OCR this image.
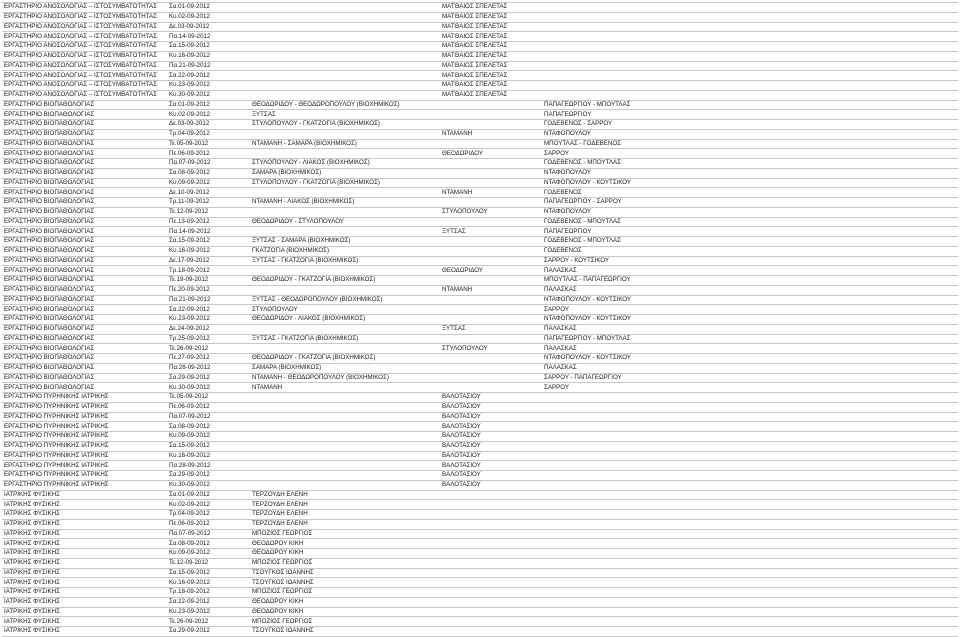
ΕΡΓΑΣΤΗΡΙΟ ΑΝΟΣΟΛΟΓΙΑΣ – ΙΣΤΟΣΥΜΒΑΤΟΤΗΤΑΣ	Σα.01-09-2012		ΜΑΤΘΑΙΟΣ ΣΠΕΛΕΤΑΣ		
ΕΡΓΑΣΤΗΡΙΟ ΑΝΟΣΟΛΟΓΙΑΣ – ΙΣΤΟΣΥΜΒΑΤΟΤΗΤΑΣ	Κυ.02-09-2012		ΜΑΤΘΑΙΟΣ ΣΠΕΛΕΤΑΣ		
ΕΡΓΑΣΤΗΡΙΟ ΑΝΟΣΟΛΟΓΙΑΣ – ΙΣΤΟΣΥΜΒΑΤΟΤΗΤΑΣ	Δε.03-09-2012		ΜΑΤΘΑΙΟΣ ΣΠΕΛΕΤΑΣ		
ΕΡΓΑΣΤΗΡΙΟ ΑΝΟΣΟΛΟΓΙΑΣ – ΙΣΤΟΣΥΜΒΑΤΟΤΗΤΑΣ	Πα.14-09-2012		ΜΑΤΘΑΙΟΣ ΣΠΕΛΕΤΑΣ		
ΕΡΓΑΣΤΗΡΙΟ ΑΝΟΣΟΛΟΓΙΑΣ – ΙΣΤΟΣΥΜΒΑΤΟΤΗΤΑΣ	Σα.15-09-2012		ΜΑΤΘΑΙΟΣ ΣΠΕΛΕΤΑΣ		
ΕΡΓΑΣΤΗΡΙΟ ΑΝΟΣΟΛΟΓΙΑΣ – ΙΣΤΟΣΥΜΒΑΤΟΤΗΤΑΣ	Κυ.16-09-2012		ΜΑΤΘΑΙΟΣ ΣΠΕΛΕΤΑΣ		
ΕΡΓΑΣΤΗΡΙΟ ΑΝΟΣΟΛΟΓΙΑΣ – ΙΣΤΟΣΥΜΒΑΤΟΤΗΤΑΣ	Πα.21-09-2012		ΜΑΤΘΑΙΟΣ ΣΠΕΛΕΤΑΣ		
ΕΡΓΑΣΤΗΡΙΟ ΑΝΟΣΟΛΟΓΙΑΣ – ΙΣΤΟΣΥΜΒΑΤΟΤΗΤΑΣ	Σα.22-09-2012		ΜΑΤΘΑΙΟΣ ΣΠΕΛΕΤΑΣ		
ΕΡΓΑΣΤΗΡΙΟ ΑΝΟΣΟΛΟΓΙΑΣ – ΙΣΤΟΣΥΜΒΑΤΟΤΗΤΑΣ	Κυ.23-09-2012		ΜΑΤΘΑΙΟΣ ΣΠΕΛΕΤΑΣ		
ΕΡΓΑΣΤΗΡΙΟ ΑΝΟΣΟΛΟΓΙΑΣ – ΙΣΤΟΣΥΜΒΑΤΟΤΗΤΑΣ	Κυ.30-09-2012		ΜΑΤΘΑΙΟΣ ΣΠΕΛΕΤΑΣ		
ΕΡΓΑΣΤΗΡΙΟ ΒΙΟΠΑΘΟΛΟΓΙΑΣ	Σα.01-09-2012	ΘΕΟΔΩΡΙΔΟΥ - ΘΕΟΔΩΡΟΠΟΥΛΟΥ (ΒΙΟΧΗΜΙΚΟΣ)		ΠΑΠΑΓΕΩΡΓΙΟΥ - ΜΠΟΥΤΛΑΣ	
ΕΡΓΑΣΤΗΡΙΟ ΒΙΟΠΑΘΟΛΟΓΙΑΣ	Κυ.02-09-2012	ΞΥΤΣΑΣ		ΠΑΠΑΓΕΩΡΓΙΟΥ	
ΕΡΓΑΣΤΗΡΙΟ ΒΙΟΠΑΘΟΛΟΓΙΑΣ	Δε.03-09-2012	ΣΤΥΛΟΠΟΥΛΟΥ - ΓΚΑΤΖΟΓΙΑ (ΒΙΟΧΗΜΙΚΟΣ)		ΓΟΔΕΒΕΝΟΣ - ΣΑΡΡΟΥ	
ΕΡΓΑΣΤΗΡΙΟ ΒΙΟΠΑΘΟΛΟΓΙΑΣ	Τρ.04-09-2012		ΝΤΑΜΑΝΗ	ΝΤΑΦΟΠΟΥΛΟΥ	
ΕΡΓΑΣΤΗΡΙΟ ΒΙΟΠΑΘΟΛΟΓΙΑΣ	Τε.05-09-2012	ΝΤΑΜΑΝΗ - ΣΑΜΑΡΑ (ΒΙΟΧΗΜΙΚΟΣ)		ΜΠΟΥΤΛΑΣ - ΓΟΔΕΒΕΝΟΣ	
ΕΡΓΑΣΤΗΡΙΟ ΒΙΟΠΑΘΟΛΟΓΙΑΣ	Πε.06-09-2012		ΘΕΟΔΩΡΙΔΟΥ	ΣΑΡΡΟΥ	
ΕΡΓΑΣΤΗΡΙΟ ΒΙΟΠΑΘΟΛΟΓΙΑΣ	Πα.07-09-2012	ΣΤΥΛΟΠΟΥΛΟΥ - ΛΙΑΚΟΣ (ΒΙΟΧΗΜΙΚΟΣ)		ΓΟΔΕΒΕΝΟΣ - ΜΠΟΥΤΛΑΣ	
ΕΡΓΑΣΤΗΡΙΟ ΒΙΟΠΑΘΟΛΟΓΙΑΣ	Σα.08-09-2012	ΣΑΜΑΡΑ (ΒΙΟΧΗΜΙΚΟΣ)		ΝΤΑΦΟΠΟΥΛΟΥ	
ΕΡΓΑΣΤΗΡΙΟ ΒΙΟΠΑΘΟΛΟΓΙΑΣ	Κυ.09-09-2012	ΣΤΥΛΟΠΟΥΛΟΥ - ΓΚΑΤΖΟΓΙΑ (ΒΙΟΧΗΜΙΚΟΣ)		ΝΤΑΦΟΠΟΥΛΟΥ - ΚΟΥΤΣΙΚΟΥ	
ΕΡΓΑΣΤΗΡΙΟ ΒΙΟΠΑΘΟΛΟΓΙΑΣ	Δε.10-09-2012		ΝΤΑΜΑΝΗ	ΓΟΔΕΒΕΝΟΣ	
ΕΡΓΑΣΤΗΡΙΟ ΒΙΟΠΑΘΟΛΟΓΙΑΣ	Τρ.11-09-2012	ΝΤΑΜΑΝΗ - ΛΙΑΚΟΣ (ΒΙΟΧΗΜΙΚΟΣ)		ΠΑΠΑΓΕΩΡΓΙΟΥ - ΣΑΡΡΟΥ	
ΕΡΓΑΣΤΗΡΙΟ ΒΙΟΠΑΘΟΛΟΓΙΑΣ	Τε.12-09-2012		ΣΤΥΛΟΠΟΥΛΟΥ	ΝΤΑΦΟΠΟΥΛΟΥ	
ΕΡΓΑΣΤΗΡΙΟ ΒΙΟΠΑΘΟΛΟΓΙΑΣ	Πε.13-09-2012	ΘΕΟΔΩΡΙΔΟΥ - ΣΤΥΛΟΠΟΥΛΟΥ		ΓΟΔΕΒΕΝΟΣ - ΜΠΟΥΤΛΑΣ	
ΕΡΓΑΣΤΗΡΙΟ ΒΙΟΠΑΘΟΛΟΓΙΑΣ	Πα.14-09-2012		ΞΥΤΣΑΣ	ΠΑΠΑΓΕΩΡΓΙΟΥ	
ΕΡΓΑΣΤΗΡΙΟ ΒΙΟΠΑΘΟΛΟΓΙΑΣ	Σα.15-09-2012	ΞΥΤΣΑΣ - ΣΑΜΑΡΑ (ΒΙΟΧΗΜΙΚΟΣ)		ΓΟΔΕΒΕΝΟΣ - ΜΠΟΥΤΛΑΣ	
ΕΡΓΑΣΤΗΡΙΟ ΒΙΟΠΑΘΟΛΟΓΙΑΣ	Κυ.16-09-2012	ΓΚΑΤΖΟΓΙΑ (ΒΙΟΧΗΜΙΚΟΣ)		ΓΟΔΕΒΕΝΟΣ	
ΕΡΓΑΣΤΗΡΙΟ ΒΙΟΠΑΘΟΛΟΓΙΑΣ	Δε.17-09-2012	ΞΥΤΣΑΣ - ΓΚΑΤΖΟΓΙΑ (ΒΙΟΧΗΜΙΚΟΣ)		ΣΑΡΡΟΥ - ΚΟΥΤΣΙΚΟΥ	
ΕΡΓΑΣΤΗΡΙΟ ΒΙΟΠΑΘΟΛΟΓΙΑΣ	Τρ.18-09-2012		ΘΕΟΔΩΡΙΔΟΥ	ΠΑΛΑΣΚΑΣ	
ΕΡΓΑΣΤΗΡΙΟ ΒΙΟΠΑΘΟΛΟΓΙΑΣ	Τε.19-09-2012	ΘΕΟΔΩΡΙΔΟΥ - ΓΚΑΤΖΟΓΙΑ (ΒΙΟΧΗΜΙΚΟΣ)		ΜΠΟΥΤΛΑΣ - ΠΑΠΑΓΕΩΡΓΙΟΥ	
ΕΡΓΑΣΤΗΡΙΟ ΒΙΟΠΑΘΟΛΟΓΙΑΣ	Πε.20-09-2012		ΝΤΑΜΑΝΗ	ΠΑΛΑΣΚΑΣ	
ΕΡΓΑΣΤΗΡΙΟ ΒΙΟΠΑΘΟΛΟΓΙΑΣ	Πα.21-09-2012	ΞΥΤΣΑΣ - ΘΕΟΔΩΡΟΠΟΥΛΟΥ (ΒΙΟΧΗΜΙΚΟΣ)		ΝΤΑΦΟΠΟΥΛΟΥ - ΚΟΥΤΣΙΚΟΥ	
ΕΡΓΑΣΤΗΡΙΟ ΒΙΟΠΑΘΟΛΟΓΙΑΣ	Σα.22-09-2012	ΣΤΥΛΟΠΟΥΛΟΥ		ΣΑΡΡΟΥ	
ΕΡΓΑΣΤΗΡΙΟ ΒΙΟΠΑΘΟΛΟΓΙΑΣ	Κυ.23-09-2012	ΘΕΟΔΩΡΙΔΟΥ - ΛΙΑΚΟΣ (ΒΙΟΧΗΜΙΚΟΣ)		ΝΤΑΦΟΠΟΥΛΟΥ - ΚΟΥΤΣΙΚΟΥ	
ΕΡΓΑΣΤΗΡΙΟ ΒΙΟΠΑΘΟΛΟΓΙΑΣ	Δε.24-09-2012		ΞΥΤΣΑΣ	ΠΑΛΑΣΚΑΣ	
ΕΡΓΑΣΤΗΡΙΟ ΒΙΟΠΑΘΟΛΟΓΙΑΣ	Τρ.25-09-2012	ΞΥΤΣΑΣ - ΓΚΑΤΖΟΓΙΑ (ΒΙΟΧΗΜΙΚΟΣ)		ΠΑΠΑΓΕΩΡΓΙΟΥ - ΜΠΟΥΤΛΑΣ	
ΕΡΓΑΣΤΗΡΙΟ ΒΙΟΠΑΘΟΛΟΓΙΑΣ	Τε.26-09-2012		ΣΤΥΛΟΠΟΥΛΟΥ	ΠΑΛΑΣΚΑΣ	
ΕΡΓΑΣΤΗΡΙΟ ΒΙΟΠΑΘΟΛΟΓΙΑΣ	Πε.27-09-2012	ΘΕΟΔΩΡΙΔΟΥ - ΓΚΑΤΖΟΓΙΑ (ΒΙΟΧΗΜΙΚΟΣ)		ΝΤΑΦΟΠΟΥΛΟΥ - ΚΟΥΤΣΙΚΟΥ	
ΕΡΓΑΣΤΗΡΙΟ ΒΙΟΠΑΘΟΛΟΓΙΑΣ	Πα.28-09-2012	ΣΑΜΑΡΑ (ΒΙΟΧΗΜΙΚΟΣ)		ΠΑΛΑΣΚΑΣ	
ΕΡΓΑΣΤΗΡΙΟ ΒΙΟΠΑΘΟΛΟΓΙΑΣ	Σα.29-09-2012	ΝΤΑΜΑΝΗ - ΘΕΟΔΩΡΟΠΟΥΛΟΥ (ΒΙΟΧΗΜΙΚΟΣ)		ΣΑΡΡΟΥ - ΠΑΠΑΓΕΩΡΓΙΟΥ	
ΕΡΓΑΣΤΗΡΙΟ ΒΙΟΠΑΘΟΛΟΓΙΑΣ	Κυ.30-09-2012	ΝΤΑΜΑΝΗ		ΣΑΡΡΟΥ	
ΕΡΓΑΣΤΗΡΙΟ ΠΥΡΗΝΙΚΗΣ ΙΑΤΡΙΚΗΣ	Τε.05-09-2012		ΒΑΛΟΤΑΣΙΟΥ		
ΕΡΓΑΣΤΗΡΙΟ ΠΥΡΗΝΙΚΗΣ ΙΑΤΡΙΚΗΣ	Πε.06-09-2012		ΒΑΛΟΤΑΣΙΟΥ		
ΕΡΓΑΣΤΗΡΙΟ ΠΥΡΗΝΙΚΗΣ ΙΑΤΡΙΚΗΣ	Πα.07-09-2012		ΒΑΛΟΤΑΣΙΟΥ		
ΕΡΓΑΣΤΗΡΙΟ ΠΥΡΗΝΙΚΗΣ ΙΑΤΡΙΚΗΣ	Σα.08-09-2012		ΒΑΛΟΤΑΣΙΟΥ		
ΕΡΓΑΣΤΗΡΙΟ ΠΥΡΗΝΙΚΗΣ ΙΑΤΡΙΚΗΣ	Κυ.09-09-2012		ΒΑΛΟΤΑΣΙΟΥ		
ΕΡΓΑΣΤΗΡΙΟ ΠΥΡΗΝΙΚΗΣ ΙΑΤΡΙΚΗΣ	Σα.15-09-2012		ΒΑΛΟΤΑΣΙΟΥ		
ΕΡΓΑΣΤΗΡΙΟ ΠΥΡΗΝΙΚΗΣ ΙΑΤΡΙΚΗΣ	Κυ.16-09-2012		ΒΑΛΟΤΑΣΙΟΥ		
ΕΡΓΑΣΤΗΡΙΟ ΠΥΡΗΝΙΚΗΣ ΙΑΤΡΙΚΗΣ	Πα.28-09-2012		ΒΑΛΟΤΑΣΙΟΥ		
ΕΡΓΑΣΤΗΡΙΟ ΠΥΡΗΝΙΚΗΣ ΙΑΤΡΙΚΗΣ	Σα.29-09-2012		ΒΑΛΟΤΑΣΙΟΥ		
ΕΡΓΑΣΤΗΡΙΟ ΠΥΡΗΝΙΚΗΣ ΙΑΤΡΙΚΗΣ	Κυ.30-09-2012		ΒΑΛΟΤΑΣΙΟΥ		
ΙΑΤΡΙΚΗΣ ΦΥΣΙΚΗΣ	Σα.01-09-2012	ΤΕΡΖΟΥΔΗ ΕΛΕΝΗ			
ΙΑΤΡΙΚΗΣ ΦΥΣΙΚΗΣ	Κυ.02-09-2012	ΤΕΡΖΟΥΔΗ ΕΛΕΝΗ			
ΙΑΤΡΙΚΗΣ ΦΥΣΙΚΗΣ	Τρ.04-09-2012	ΤΕΡΖΟΥΔΗ ΕΛΕΝΗ			
ΙΑΤΡΙΚΗΣ ΦΥΣΙΚΗΣ	Πε.06-09-2012	ΤΕΡΖΟΥΔΗ ΕΛΕΝΗ			
ΙΑΤΡΙΚΗΣ ΦΥΣΙΚΗΣ	Πα.07-09-2012	ΜΠΟΖΙΟΣ ΓΕΩΡΓΙΟΣ			
ΙΑΤΡΙΚΗΣ ΦΥΣΙΚΗΣ	Σα.08-09-2012	ΘΕΟΔΩΡΟΥ ΚΙΚΗ			
ΙΑΤΡΙΚΗΣ ΦΥΣΙΚΗΣ	Κυ.09-09-2012	ΘΕΟΔΩΡΟΥ ΚΙΚΗ			
ΙΑΤΡΙΚΗΣ ΦΥΣΙΚΗΣ	Τε.12-09-2012	ΜΠΟΖΙΟΣ ΓΕΩΡΓΙΟΣ			
ΙΑΤΡΙΚΗΣ ΦΥΣΙΚΗΣ	Σα.15-09-2012	ΤΣΟΥΓΚΟΣ ΙΩΑΝΝΗΣ			
ΙΑΤΡΙΚΗΣ ΦΥΣΙΚΗΣ	Κυ.16-09-2012	ΤΣΟΥΓΚΟΣ ΙΩΑΝΝΗΣ			
ΙΑΤΡΙΚΗΣ ΦΥΣΙΚΗΣ	Τρ.18-09-2012	ΜΠΟΖΙΟΣ ΓΕΩΡΓΙΟΣ			
ΙΑΤΡΙΚΗΣ ΦΥΣΙΚΗΣ	Σα.22-09-2012	ΘΕΟΔΩΡΟΥ ΚΙΚΗ			
ΙΑΤΡΙΚΗΣ ΦΥΣΙΚΗΣ	Κυ.23-09-2012	ΘΕΟΔΩΡΟΥ ΚΙΚΗ			
ΙΑΤΡΙΚΗΣ ΦΥΣΙΚΗΣ	Τε.26-09-2012	ΜΠΟΖΙΟΣ ΓΕΩΡΓΙΟΣ			
ΙΑΤΡΙΚΗΣ ΦΥΣΙΚΗΣ	Σα.29-09-2012	ΤΣΟΥΓΚΟΣ ΙΩΑΝΝΗΣ			
